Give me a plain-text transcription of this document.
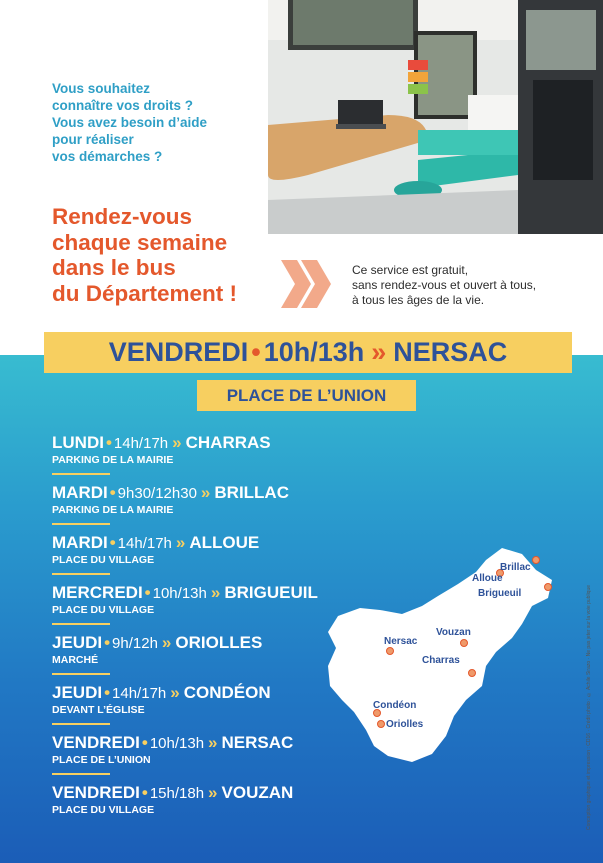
Vous souhaitez
connaître vos droits ?
Vous avez besoin d’aide
pour réaliser
vos démarches ?
Rendez-vous
chaque semaine
dans le bus
du Département !
Ce service est gratuit,
sans rendez-vous et ouvert à tous,
à tous les âges de la vie.
VENDREDI • 10h/13h » NERSAC
PLACE DE L’UNION
LUNDI • 14h/17h » CHARRAS
PARKING DE LA MAIRIE
MARDI • 9h30/12h30 » BRILLAC
PARKING DE LA MAIRIE
MARDI • 14h/17h » ALLOUE
PLACE DU VILLAGE
MERCREDI • 10h/13h » BRIGUEUIL
PLACE DU VILLAGE
JEUDI • 9h/12h » ORIOLLES
MARCHÉ
JEUDI • 14h/17h » CONDÉON
DEVANT L’ÉGLISE
VENDREDI • 10h/13h » NERSAC
PLACE DE L’UNION
VENDREDI • 15h/18h » VOUZAN
PLACE DU VILLAGE
Brillac
Alloue
Brigueuil
Vouzan
Nersac
Charras
Condéon
Oriolles	Conception graphique et impression : CD16 · Crédit photo : © Achile Sirazo · Ne pas jeter sur la voie publique
